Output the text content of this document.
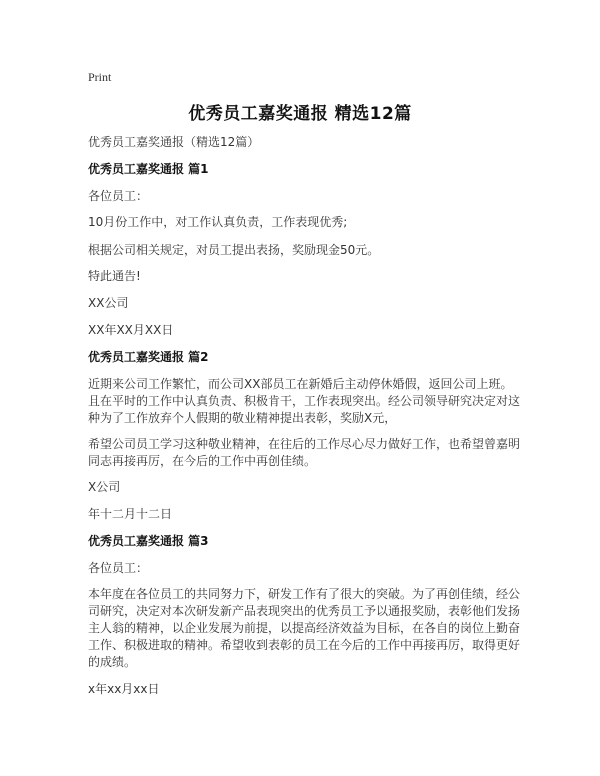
Print
优秀员工嘉奖通报 精选12篇
优秀员工嘉奖通报（精选12篇）
优秀员工嘉奖通报 篇1
各位员工：
10月份工作中，对工作认真负责，工作表现优秀;
根据公司相关规定，对员工提出表扬，奖励现金50元。
特此通告!
XX公司
XX年XX月XX日
优秀员工嘉奖通报 篇2
近期来公司工作繁忙，而公司XX部员工在新婚后主动停休婚假，返回公司上班。
且在平时的工作中认真负责、积极肯干，工作表现突出。经公司领导研究决定对这
种为了工作放弃个人假期的敬业精神提出表彰，奖励X元，
希望公司员工学习这种敬业精神，在往后的工作尽心尽力做好工作，也希望曾嘉明
同志再接再厉，在今后的工作中再创佳绩。
X公司
年十二月十二日
优秀员工嘉奖通报 篇3
各位员工：
本年度在各位员工的共同努力下，研发工作有了很大的突破。为了再创佳绩，经公
司研究，决定对本次研发新产品表现突出的优秀员工予以通报奖励，表彰他们发扬
主人翁的精神，以企业发展为前提，以提高经济效益为目标，在各自的岗位上勤奋
工作、积极进取的精神。希望收到表彰的员工在今后的工作中再接再厉，取得更好
的成绩。
x年xx月xx日
